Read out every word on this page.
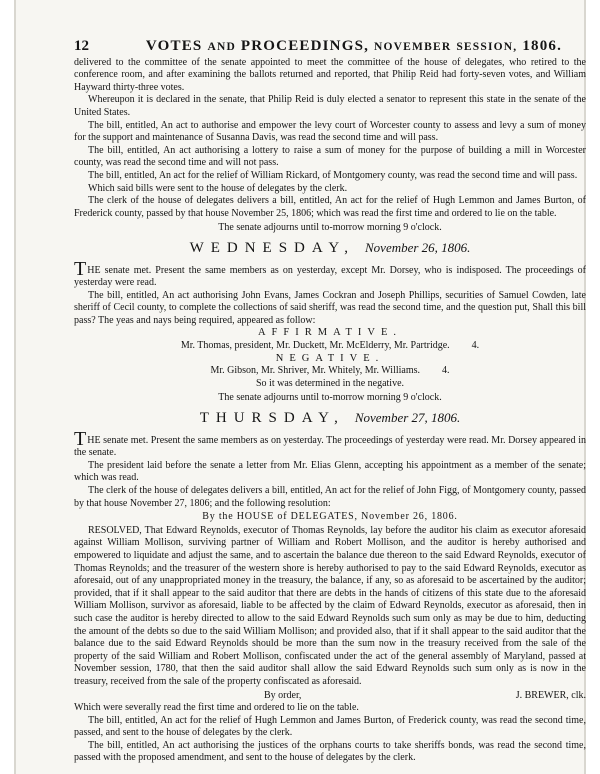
12	VOTES AND PROCEEDINGS, NOVEMBER SESSION, 1806.

delivered to the committee of the senate appointed to meet the committee of the house of delegates, who retired to the conference room, and after examining the ballots returned and reported, that Philip Reid had forty-seven votes, and William Hayward thirty-three votes.

Whereupon it is declared in the senate, that Philip Reid is duly elected a senator to represent this state in the senate of the United States.

The bill, entitled, An act to authorise and empower the levy court of Worcester county to assess and levy a sum of money for the support and maintenance of Susanna Davis, was read the second time and will pass.

The bill, entitled, An act authorising a lottery to raise a sum of money for the purpose of building a mill in Worcester county, was read the second time and will not pass.

The bill, entitled, An act for the relief of William Rickard, of Montgomery county, was read the second time and will pass.

Which said bills were sent to the house of delegates by the clerk.

The clerk of the house of delegates delivers a bill, entitled, An act for the relief of Hugh Lemmon and James Burton, of Frederick county, passed by that house November 25, 1806; which was read the first time and ordered to lie on the table.

The senate adjourns until to-morrow morning 9 o'clock.

WEDNESDAY, November 26, 1806.

THE senate met. Present the same members as on yesterday, except Mr. Dorsey, who is indisposed. The proceedings of yesterday were read.

The bill, entitled, An act authorising John Evans, James Cockran and Joseph Phillips, securities of Samuel Cowden, late sheriff of Cecil county, to complete the collections of said sheriff, was read the second time, and the question put, Shall this bill pass? The yeas and nays being required, appeared as follow:

AFFIRMATIVE.
Mr. Thomas, president, Mr. Duckett, Mr. McElderry, Mr. Partridge. 4.
NEGATIVE.
Mr. Gibson, Mr. Shriver, Mr. Whitely, Mr. Williams. 4.

So it was determined in the negative.

The senate adjourns until to-morrow morning 9 o'clock.

THURSDAY, November 27, 1806.

THE senate met. Present the same members as on yesterday. The proceedings of yesterday were read. Mr. Dorsey appeared in the senate.

The president laid before the senate a letter from Mr. Elias Glenn, accepting his appointment as a member of the senate; which was read.

The clerk of the house of delegates delivers a bill, entitled, An act for the relief of John Figg, of Montgomery county, passed by that house November 27, 1806; and the following resolution:

By the HOUSE of DELEGATES, November 26, 1806.

RESOLVED, That Edward Reynolds, executor of Thomas Reynolds, lay before the auditor his claim as executor aforesaid against William Mollison, surviving partner of William and Robert Mollison, and the auditor is hereby authorised and empowered to liquidate and adjust the same, and to ascertain the balance due thereon to the said Edward Reynolds, executor of Thomas Reynolds; and the treasurer of the western shore is hereby authorised to pay to the said Edward Reynolds, executor as aforesaid, out of any unappropriated money in the treasury, the balance, if any, so as aforesaid to be ascertained by the auditor; provided, that if it shall appear to the said auditor that there are debts in the hands of citizens of this state due to the aforesaid William Mollison, survivor as aforesaid, liable to be affected by the claim of Edward Reynolds, executor as aforesaid, then in such case the auditor is hereby directed to allow to the said Edward Reynolds such sum only as may be due to him, deducting the amount of the debts so due to the said William Mollison; and provided also, that if it shall appear to the said auditor that the balance due to the said Edward Reynolds should be more than the sum now in the treasury received from the sale of the property of the said William and Robert Mollison, confiscated under the act of the general assembly of Maryland, passed at November session, 1780, that then the said auditor shall allow the said Edward Reynolds such sum only as is now in the treasury, received from the sale of the property confiscated as aforesaid.

By order,	J. BREWER, clk.

Which were severally read the first time and ordered to lie on the table.

The bill, entitled, An act for the relief of Hugh Lemmon and James Burton, of Frederick county, was read the second time, passed, and sent to the house of delegates by the clerk.

The bill, entitled, An act authorising the justices of the orphans courts to take sheriffs bonds, was read the second time, passed with the proposed amendment, and sent to the house of delegates by the clerk.
